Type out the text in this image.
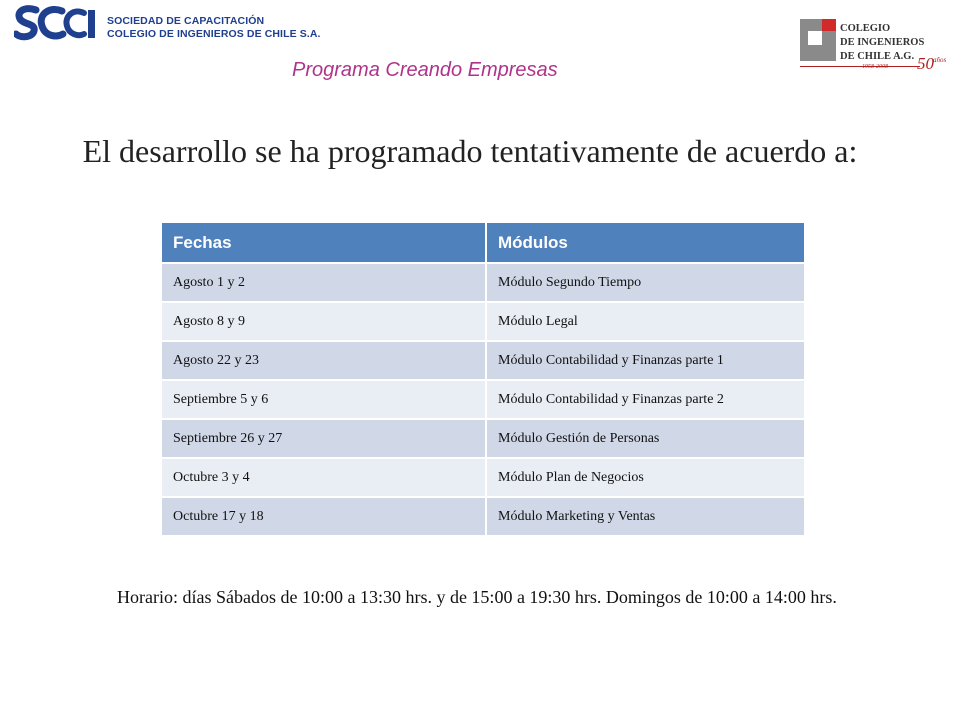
SOCIEDAD DE CAPACITACIÓN
COLEGIO DE INGENIEROS DE CHILE S.A.
Programa Creando Empresas
COLEGIO
DE INGENIEROS
DE CHILE A.G.
1958-2008 50 años
El desarrollo se ha programado tentativamente de acuerdo a:
Fechas	Módulos
Agosto 1 y 2	Módulo Segundo Tiempo
Agosto 8 y 9	Módulo Legal
Agosto 22 y 23	Módulo Contabilidad y Finanzas parte 1
Septiembre 5 y 6	Módulo Contabilidad y Finanzas parte 2
Septiembre 26 y 27	Módulo Gestión de Personas
Octubre 3 y 4	Módulo Plan de Negocios
Octubre 17 y 18	Módulo Marketing y Ventas

Horario: días Sábados de 10:00 a 13:30 hrs. y de 15:00 a 19:30 hrs. Domingos de 10:00 a 14:00 hrs.
